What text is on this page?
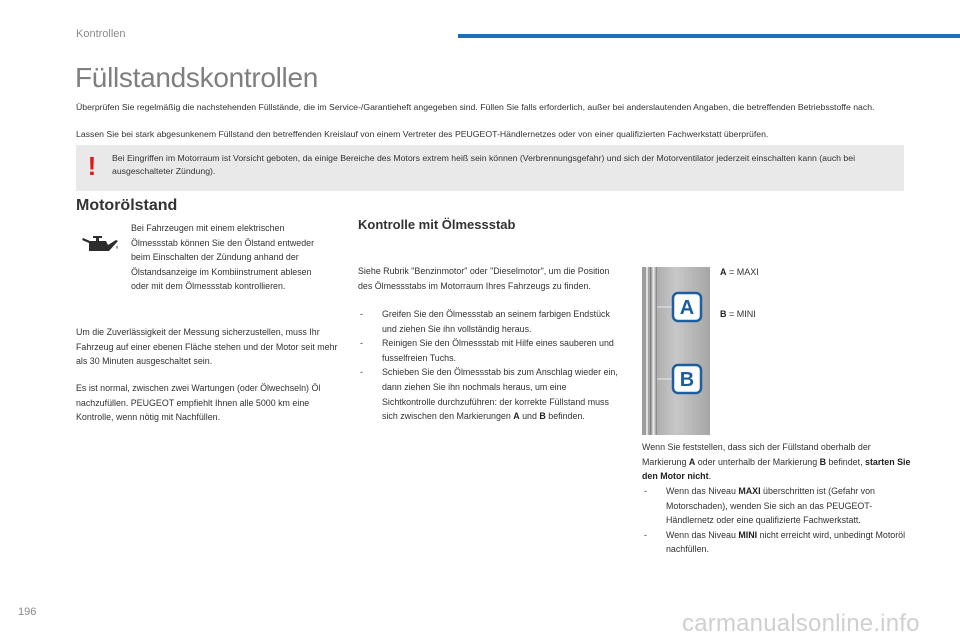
Kontrollen
Füllstandskontrollen

Überprüfen Sie regelmäßig die nachstehenden Füllstände, die im Service-/Garantieheft angegeben sind. Füllen Sie falls erforderlich, außer bei anderslautenden Angaben, die betreffenden Betriebsstoffe nach.

Lassen Sie bei stark abgesunkenem Füllstand den betreffenden Kreislauf von einem Vertreter des PEUGEOT-Händlernetzes oder von einer qualifizierten Fachwerkstatt überprüfen.

!	Bei Eingriffen im Motorraum ist Vorsicht geboten, da einige Bereiche des Motors extrem heiß sein können (Verbrennungsgefahr) und sich der Motorventilator jederzeit einschalten kann (auch bei ausgeschalteter Zündung).

Motorölstand

Bei Fahrzeugen mit einem elektrischen Ölmessstab können Sie den Ölstand entweder beim Einschalten der Zündung anhand der Ölstandsanzeige im Kombiinstrument ablesen oder mit dem Ölmessstab kontrollieren.

Um die Zuverlässigkeit der Messung sicherzustellen, muss Ihr Fahrzeug auf einer ebenen Fläche stehen und der Motor seit mehr als 30 Minuten ausgeschaltet sein.

Es ist normal, zwischen zwei Wartungen (oder Ölwechseln) Öl nachzufüllen. PEUGEOT empfiehlt Ihnen alle 5000 km eine Kontrolle, wenn nötig mit Nachfüllen.

Kontrolle mit Ölmessstab

Siehe Rubrik "Benzinmotor" oder "Dieselmotor", um die Position des Ölmessstabs im Motorraum Ihres Fahrzeugs zu finden.

-	Greifen Sie den Ölmessstab an seinem farbigen Endstück und ziehen Sie ihn vollständig heraus.
-	Reinigen Sie den Ölmessstab mit Hilfe eines sauberen und fusselfreien Tuchs.
-	Schieben Sie den Ölmessstab bis zum Anschlag wieder ein, dann ziehen Sie ihn nochmals heraus, um eine Sichtkontrolle durchzuführen: der korrekte Füllstand muss sich zwischen den Markierungen A und B befinden.
A
B
A = MAXI
B = MINI

Wenn Sie feststellen, dass sich der Füllstand oberhalb der Markierung A oder unterhalb der Markierung B befindet, starten Sie den Motor nicht.

-	Wenn das Niveau MAXI überschritten ist (Gefahr von Motorschaden), wenden Sie sich an das PEUGEOT-Händlernetz oder eine qualifizierte Fachwerkstatt.
-	Wenn das Niveau MINI nicht erreicht wird, unbedingt Motoröl nachfüllen.
196	carmanualsonline.info
